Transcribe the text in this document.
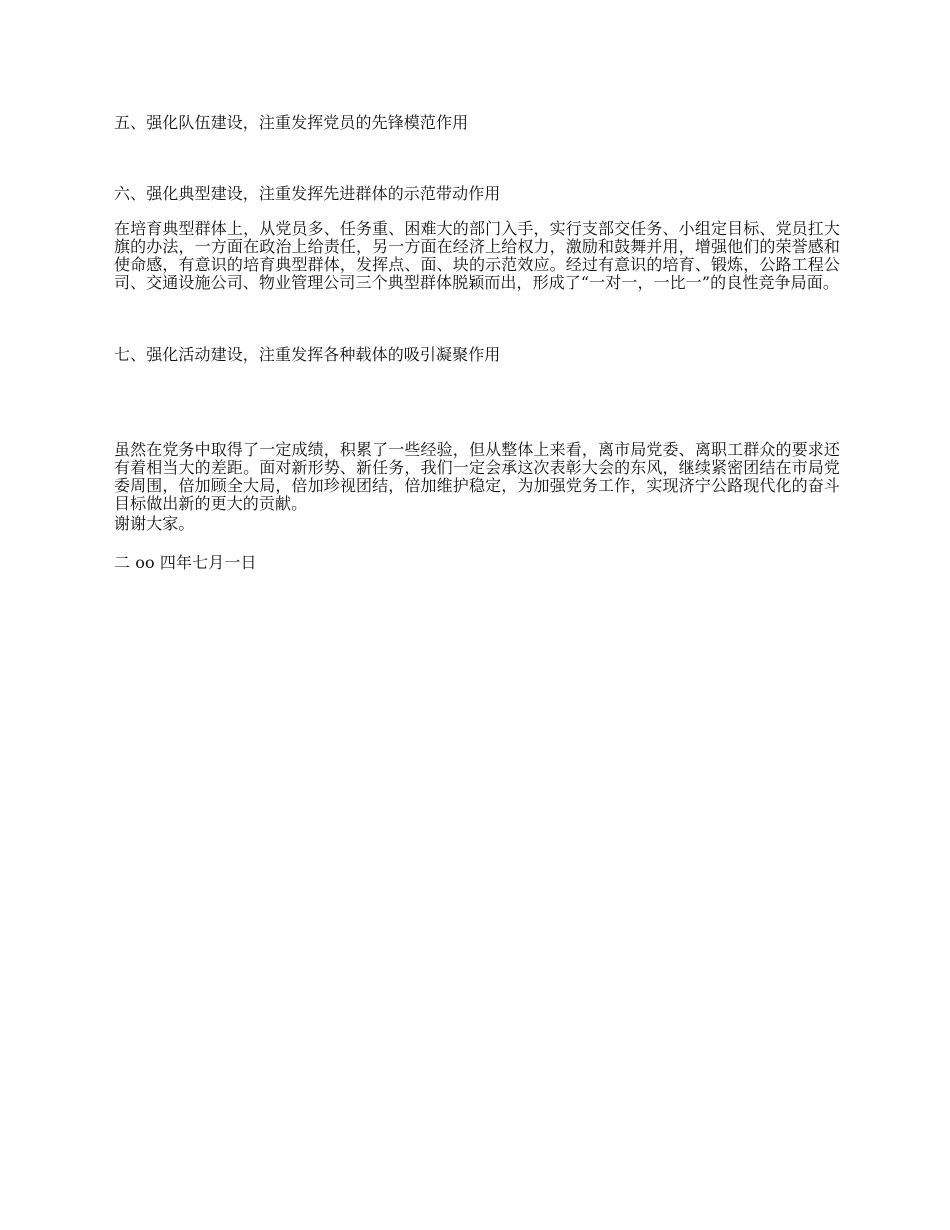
五、强化队伍建设，注重发挥党员的先锋模范作用

六、强化典型建设，注重发挥先进群体的示范带动作用

在培育典型群体上，从党员多、任务重、困难大的部门入手，实行支部交任务、小组定目标、党员扛大旗的办法，一方面在政治上给责任，另一方面在经济上给权力，激励和鼓舞并用，增强他们的荣誉感和使命感，有意识的培育典型群体，发挥点、面、块的示范效应。经过有意识的培育、锻炼，公路工程公司、交通设施公司、物业管理公司三个典型群体脱颖而出，形成了“一对一，一比一”的良性竞争局面。

七、强化活动建设，注重发挥各种载体的吸引凝聚作用

虽然在党务中取得了一定成绩，积累了一些经验，但从整体上来看，离市局党委、离职工群众的要求还有着相当大的差距。面对新形势、新任务，我们一定会承这次表彰大会的东风，继续紧密团结在市局党委周围，倍加顾全大局，倍加珍视团结，倍加维护稳定，为加强党务工作，实现济宁公路现代化的奋斗目标做出新的更大的贡献。

谢谢大家。

二 oo 四年七月一日
